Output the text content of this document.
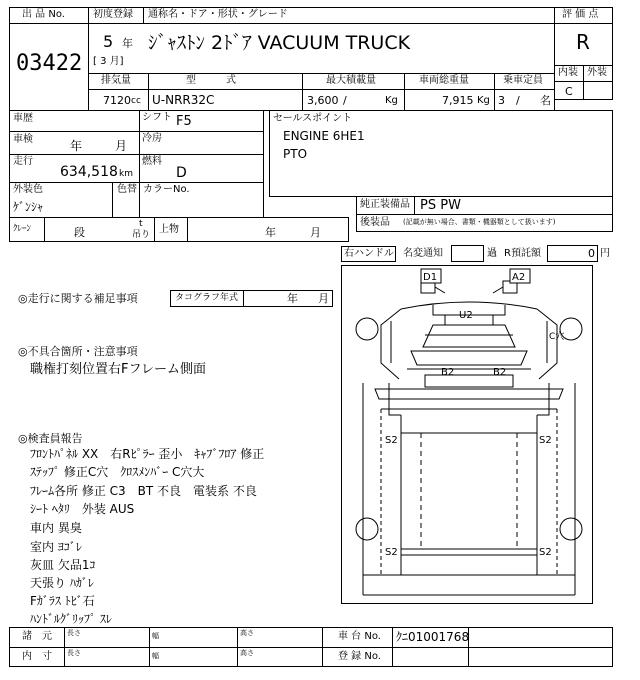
出 品 No.
03422
初度登録 通称名・ドア・形状・グレード
5 年
[ 3 月]
ｼﾞｬｽﾄﾝ 2ﾄﾞｱ VACUUM TRUCK
評 価 点
R
内装 外装
C
排気量	型　　　式	最大積載量	車両総重量	乗車定員
7120 cc U-NRR32C	3,600 /	Kg	7,915 Kg 3 / 名
車歴	シフト F5
車検	年	月
冷房
走行
634,518 km
燃料
D
外装色
ｹﾞﾝｼｬ
色替 カラーNo.
セールスポイント
ENGINE 6HE1
PTO
純正装備品 PS PW
後装品 (記載が無い場合、書類・機器類として扱います)
ｸﾚｰﾝ	段
t
吊り 上物	年	月
右ハンドル 名変通知	過 R預託額	0 円
◎走行に関する補足事項	タコグラフ年式	年 月
◎不具合箇所・注意事項
職権打刻位置右Fフレーム側面
◎検査員報告
ﾌﾛﾝﾄﾊﾟﾈﾙ XX　右Rﾋﾟﾗｰ 歪小　ｷｬﾌﾞﾌﾛｱ 修正
ｽﾃｯﾌﾟ 修正C穴　ｸﾛｽﾒﾝﾊﾞｰ C穴大
ﾌﾚｰﾑ各所 修正 C3　BT 不良　電装系 不良
ｼｰﾄ ﾍﾀﾘ　外装 AUS
車内 異臭
室内 ﾖｺﾞﾚ
灰皿 欠品1ｺ
天張り ﾊｶﾞﾚ
Fｶﾞﾗｽ ﾄﾋﾞ石
ﾊﾝﾄﾞﾙｸﾞﾘｯﾌﾟ ｽﾚ
D1	A2
U2
C穴
B2	B2
S2	S2
S2	S2
諸　元
内　寸
長さ	幅	高さ
長さ	幅	高さ
車 台 No. ｸﾆ01001768
登 録 No.
